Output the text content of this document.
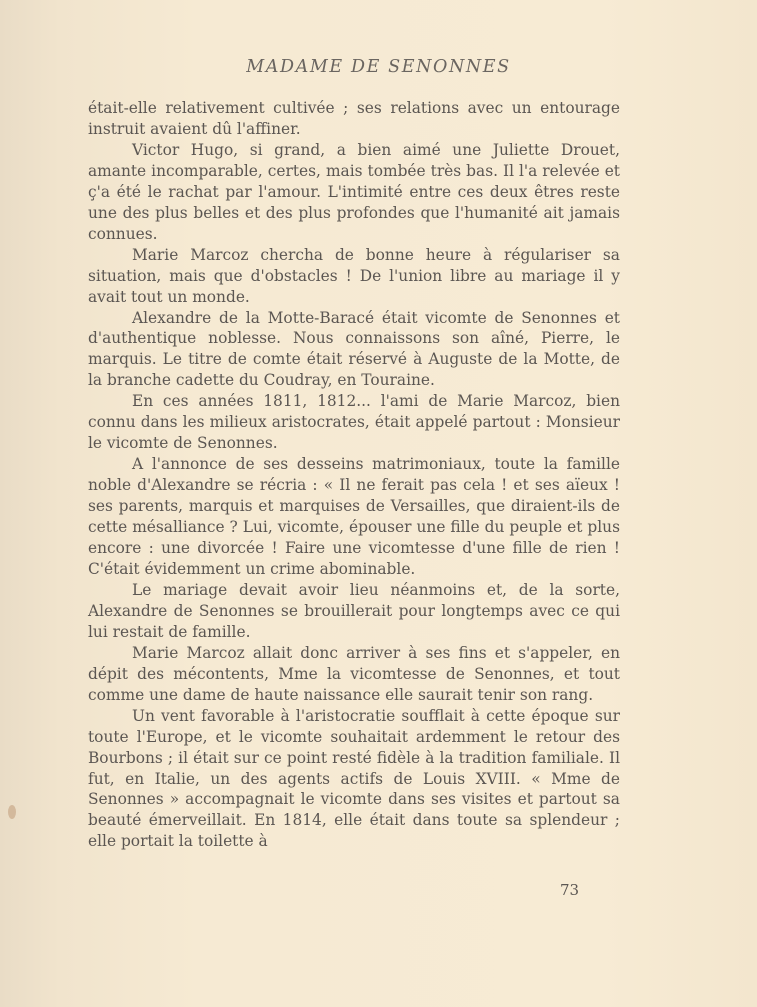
MADAME DE SENONNES

était-elle relativement cultivée ; ses relations avec un entourage instruit avaient dû l'affiner.

Victor Hugo, si grand, a bien aimé une Juliette Drouet, amante incomparable, certes, mais tombée très bas. Il l'a relevée et ç'a été le rachat par l'amour. L'intimité entre ces deux êtres reste une des plus belles et des plus profondes que l'humanité ait jamais connues.

Marie Marcoz chercha de bonne heure à régulariser sa situation, mais que d'obstacles ! De l'union libre au mariage il y avait tout un monde.

Alexandre de la Motte-Baracé était vicomte de Senonnes et d'authentique noblesse. Nous connaissons son aîné, Pierre, le marquis. Le titre de comte était réservé à Auguste de la Motte, de la branche cadette du Coudray, en Touraine.

En ces années 1811, 1812... l'ami de Marie Marcoz, bien connu dans les milieux aristocrates, était appelé partout : Monsieur le vicomte de Senonnes.

A l'annonce de ses desseins matrimoniaux, toute la famille noble d'Alexandre se récria : « Il ne ferait pas cela ! et ses aïeux ! ses parents, marquis et marquises de Versailles, que diraient-ils de cette mésalliance ? Lui, vicomte, épouser une fille du peuple et plus encore : une divorcée ! Faire une vicomtesse d'une fille de rien ! C'était évidemment un crime abominable.

Le mariage devait avoir lieu néanmoins et, de la sorte, Alexandre de Senonnes se brouillerait pour longtemps avec ce qui lui restait de famille.

Marie Marcoz allait donc arriver à ses fins et s'appeler, en dépit des mécontents, Mme la vicomtesse de Senonnes, et tout comme une dame de haute naissance elle saurait tenir son rang.

Un vent favorable à l'aristocratie soufflait à cette époque sur toute l'Europe, et le vicomte souhaitait ardemment le retour des Bourbons ; il était sur ce point resté fidèle à la tradition familiale. Il fut, en Italie, un des agents actifs de Louis XVIII. « Mme de Senonnes » accompagnait le vicomte dans ses visites et partout sa beauté émerveillait. En 1814, elle était dans toute sa splendeur ; elle portait la toilette à

73
